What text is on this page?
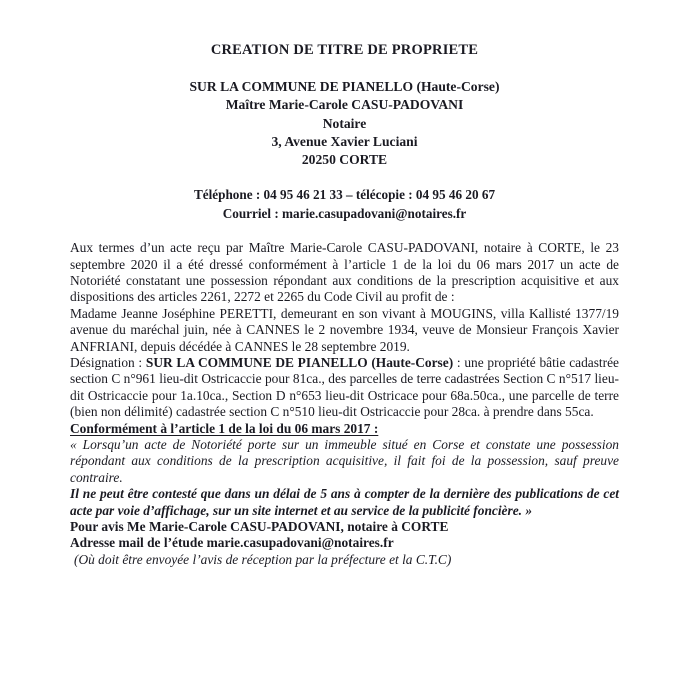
CREATION DE TITRE DE PROPRIETE
SUR LA COMMUNE DE PIANELLO (Haute-Corse)
Maître Marie-Carole CASU-PADOVANI
Notaire
3, Avenue Xavier Luciani
20250 CORTE
Téléphone : 04 95 46 21 33 – télécopie : 04 95 46 20 67
Courriel : marie.casupadovani@notaires.fr

Aux termes d’un acte reçu par Maître Marie-Carole CASU-PADOVANI, notaire à CORTE, le 23 septembre 2020 il a été dressé conformément à l’article 1 de la loi du 06 mars 2017 un acte de Notoriété constatant une possession répondant aux conditions de la prescription acquisitive et aux dispositions des articles 2261, 2272 et 2265 du Code Civil au profit de :

Madame Jeanne Joséphine PERETTI, demeurant en son vivant à MOUGINS, villa Kallisté 1377/19 avenue du maréchal juin, née à CANNES le 2 novembre 1934, veuve de Monsieur François Xavier ANFRIANI, depuis décédée à CANNES le 28 septembre 2019.

Désignation : SUR LA COMMUNE DE PIANELLO (Haute-Corse) : une propriété bâtie cadastrée section C n°961 lieu-dit Ostricaccie pour 81ca., des parcelles de terre cadastrées Section C n°517 lieu-dit Ostricaccie pour 1a.10ca., Section D n°653 lieu-dit Ostricace pour 68a.50ca., une parcelle de terre (bien non délimité) cadastrée section C n°510 lieu-dit Ostricaccie pour 28ca. à prendre dans 55ca.

Conformément à l’article 1 de la loi du 06 mars 2017 :

« Lorsqu’un acte de Notoriété porte sur un immeuble situé en Corse et constate une possession répondant aux conditions de la prescription acquisitive, il fait foi de la possession, sauf preuve contraire.

Il ne peut être contesté que dans un délai de 5 ans à compter de la dernière des publications de cet acte par voie d’affichage, sur un site internet et au service de la publicité foncière. »

Pour avis Me Marie-Carole CASU-PADOVANI, notaire à CORTE

Adresse mail de l’étude marie.casupadovani@notaires.fr

(Où doit être envoyée l’avis de réception par la préfecture et la C.T.C)
